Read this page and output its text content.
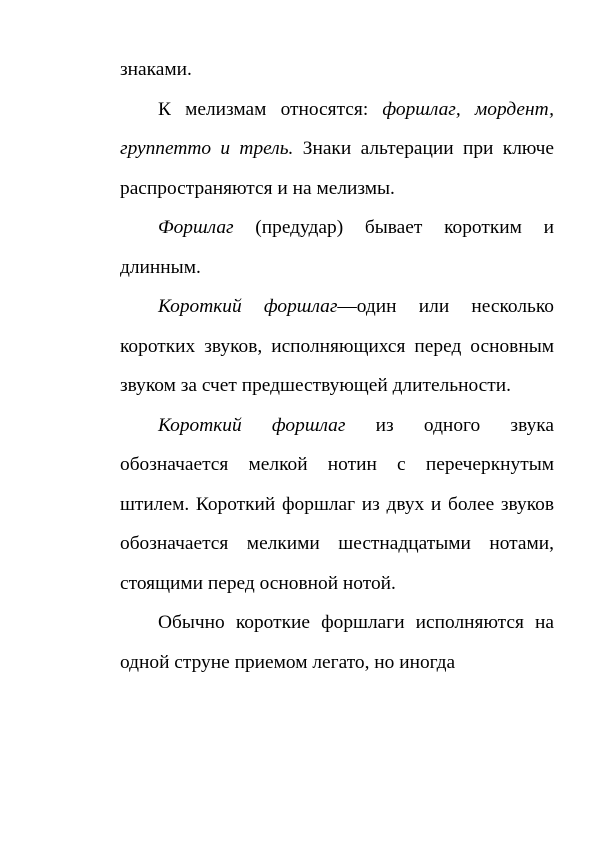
знаками.

К мелизмам относятся: форшлаг, мордент, группетто и трель. Знаки альтерации при ключе распространяются и на мелизмы.

Форшлаг (предудар) бывает коротким и длинным.

Короткий форшлаг—один или несколько коротких звуков, исполняющихся перед основным звуком за счет предшествующей длительности.

Короткий форшлаг из одного звука обозначается мелкой нотин с перечеркнутым штилем. Короткий форшлаг из двух и более звуков обозначается мелкими шестнадцатыми нотами, стоящими перед основной нотой.

Обычно короткие форшлаги исполняются на одной струне приемом легато, но иногда
